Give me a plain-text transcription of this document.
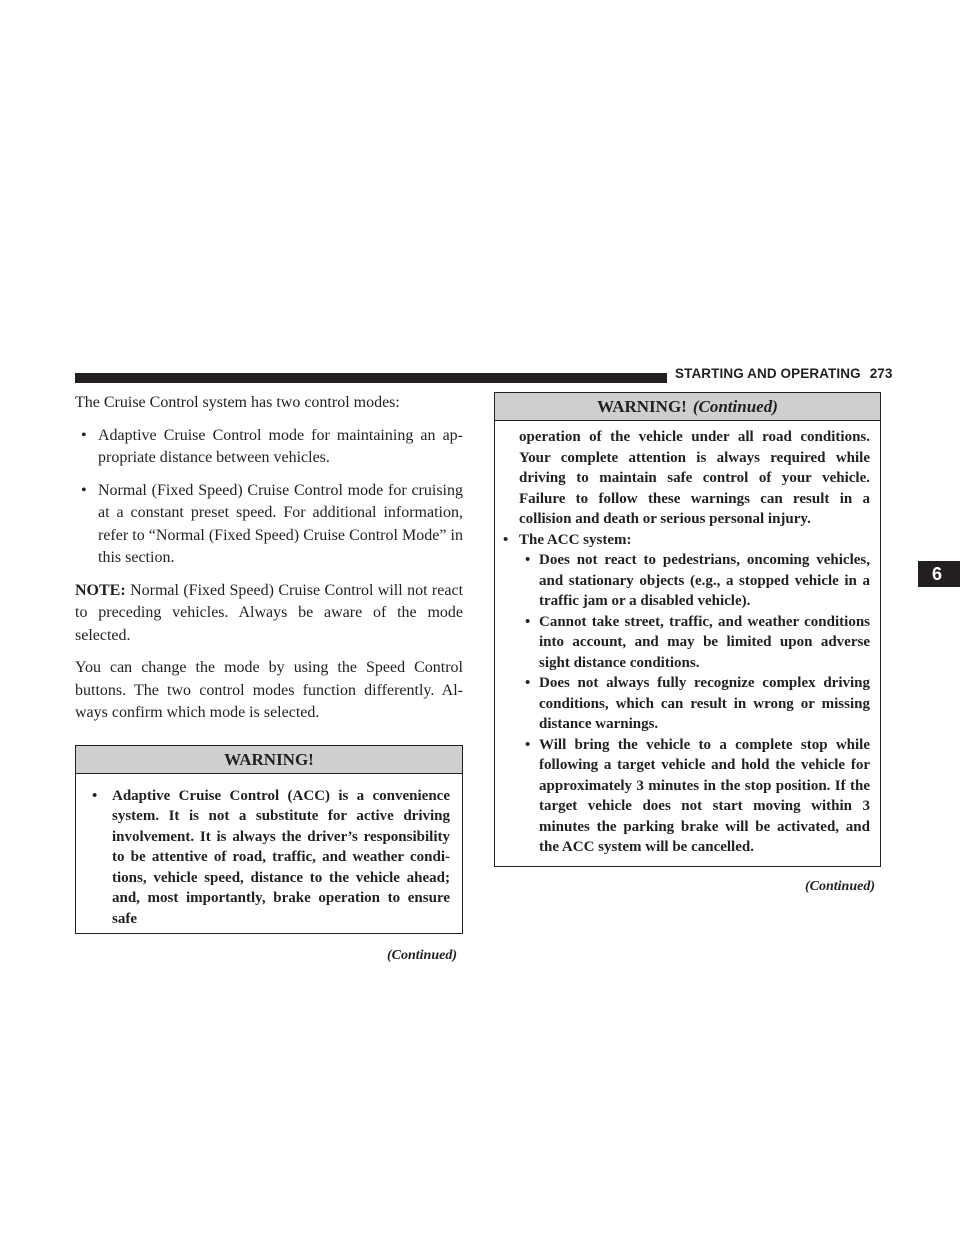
STARTING AND OPERATING 273
6

The Cruise Control system has two control modes:

• Adaptive Cruise Control mode for maintaining an ap-propriate distance between vehicles.
• Normal (Fixed Speed) Cruise Control mode for cruising at a constant preset speed. For additional information, refer to “Normal (Fixed Speed) Cruise Control Mode” in this section.

NOTE: Normal (Fixed Speed) Cruise Control will not react to preceding vehicles. Always be aware of the mode selected.

You can change the mode by using the Speed Control buttons. The two control modes function differently. Al-ways confirm which mode is selected.

WARNING!
• Adaptive Cruise Control (ACC) is a convenience system. It is not a substitute for active driving involvement. It is always the driver’s responsibility to be attentive of road, traffic, and weather condi-tions, vehicle speed, distance to the vehicle ahead; and, most importantly, brake operation to ensure safe
(Continued)
WARNING! (Continued)
operation of the vehicle under all road conditions. Your complete attention is always required while driving to maintain safe control of your vehicle. Failure to follow these warnings can result in a collision and death or serious personal injury.
• The ACC system:
• Does not react to pedestrians, oncoming vehicles, and stationary objects (e.g., a stopped vehicle in a traffic jam or a disabled vehicle).
• Cannot take street, traffic, and weather conditions into account, and may be limited upon adverse sight distance conditions.
• Does not always fully recognize complex driving conditions, which can result in wrong or missing distance warnings.
• Will bring the vehicle to a complete stop while following a target vehicle and hold the vehicle for approximately 3 minutes in the stop position. If the target vehicle does not start moving within 3 minutes the parking brake will be activated, and the ACC system will be cancelled.
(Continued)
